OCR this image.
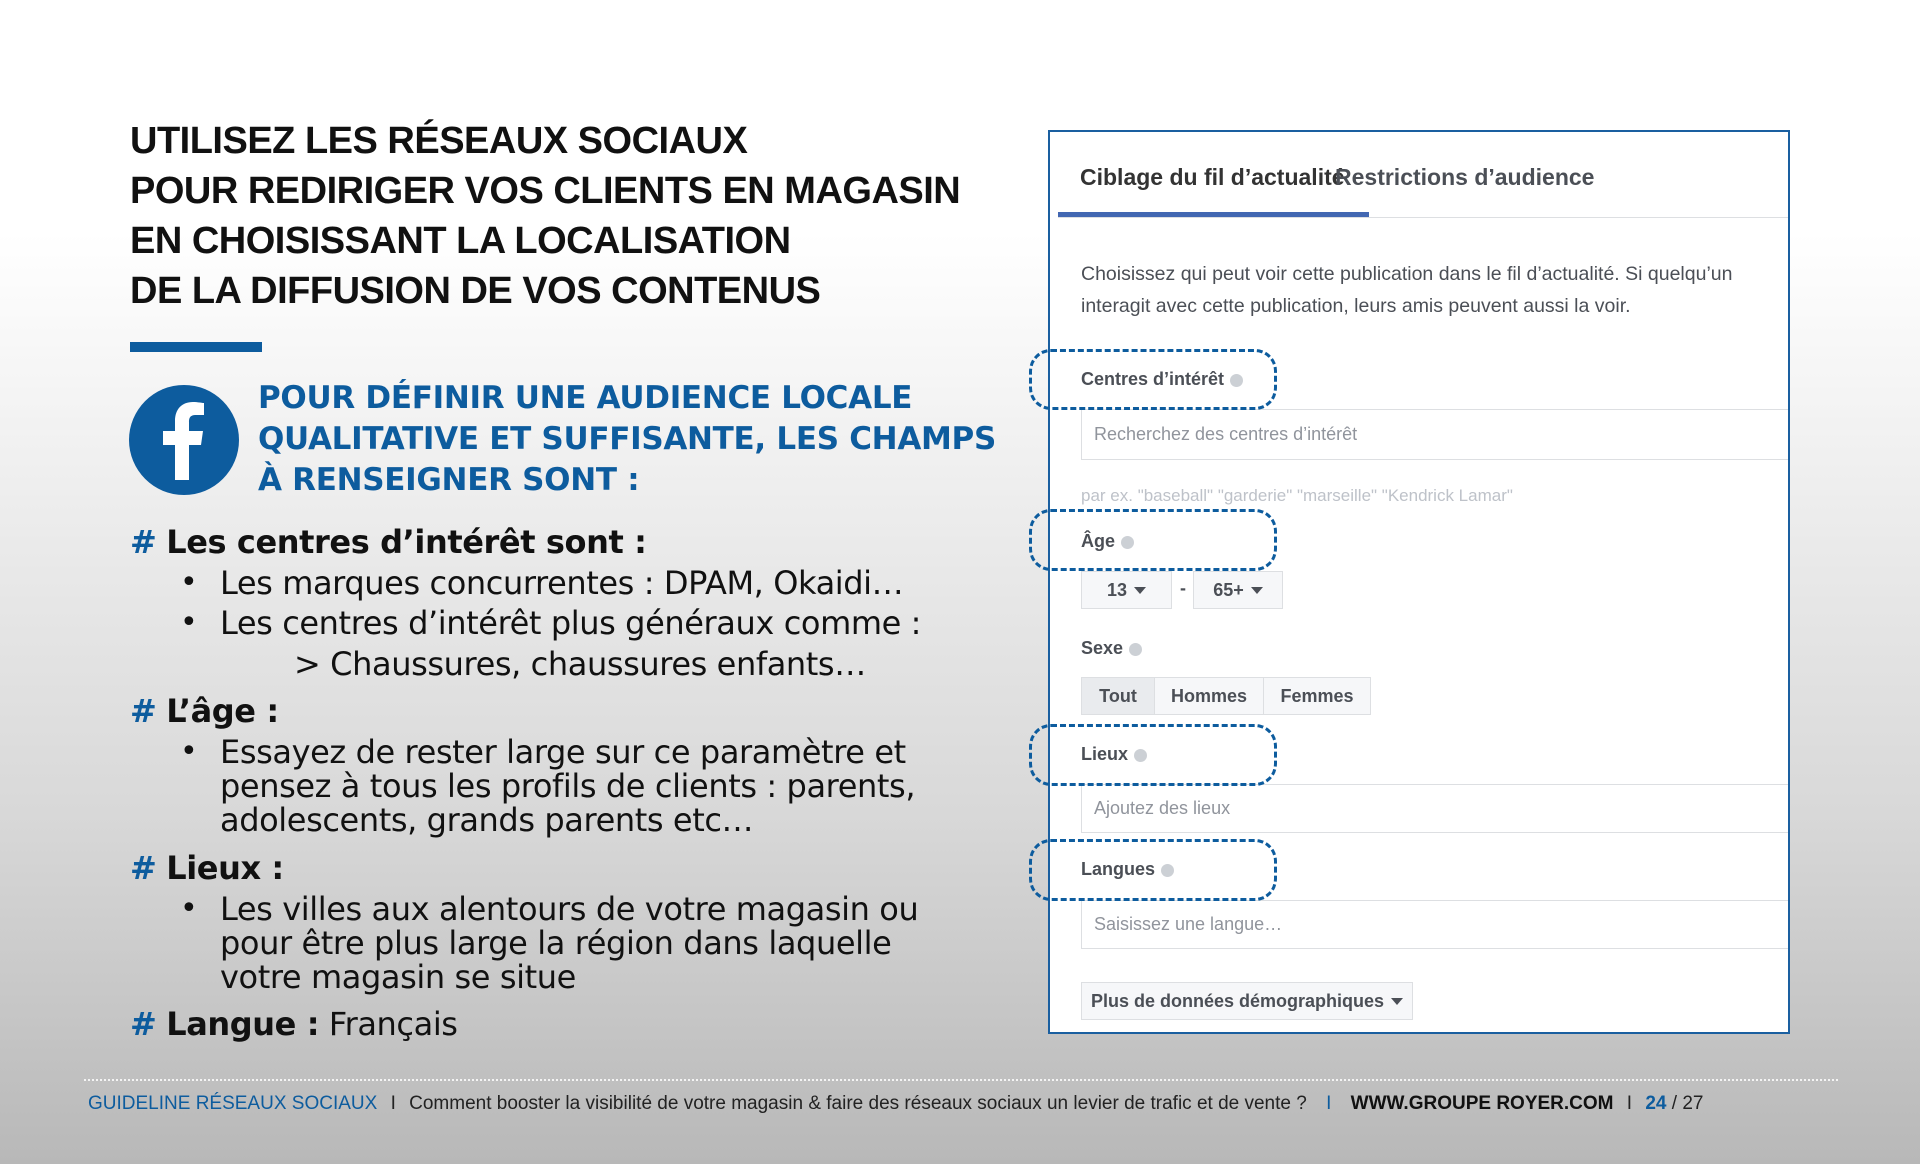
UTILISEZ LES RÉSEAUX SOCIAUX
POUR REDIRIGER VOS CLIENTS EN MAGASIN
EN CHOISISSANT LA LOCALISATION
DE LA DIFFUSION DE VOS CONTENUS
POUR DÉFINIR UNE AUDIENCE LOCALE
QUALITATIVE ET SUFFISANTE, LES CHAMPS
À RENSEIGNER SONT :
# Les centres d’intérêt sont :
• Les marques concurrentes : DPAM, Okaidi…
• Les centres d’intérêt plus généraux comme :
> Chaussures, chaussures enfants…
# L’âge :
• Essayez de rester large sur ce paramètre et
pensez à tous les profils de clients : parents,
adolescents, grands parents etc…
# Lieux :
• Les villes aux alentours de votre magasin ou
pour être plus large la région dans laquelle
votre magasin se situe
# Langue : Français
Ciblage du fil d’actualité
Restrictions d’audience
Choisissez qui peut voir cette publication dans le fil d’actualité. Si quelqu’un
interagit avec cette publication, leurs amis peuvent aussi la voir.
Centres d’intérêt
Recherchez des centres d’intérêt
par ex. "baseball" "garderie" "marseille" "Kendrick Lamar"
Âge
13	- 65+
Sexe
Tout	Hommes	Femmes
Lieux
Ajoutez des lieux
Langues
Saisissez une langue…
Plus de données démographiques
GUIDELINE RÉSEAUX SOCIAUX I Comment booster la visibilité de votre magasin & faire des réseaux sociaux un levier de trafic et de vente ? I WWW.GROUPE ROYER.COM I 24 / 27
